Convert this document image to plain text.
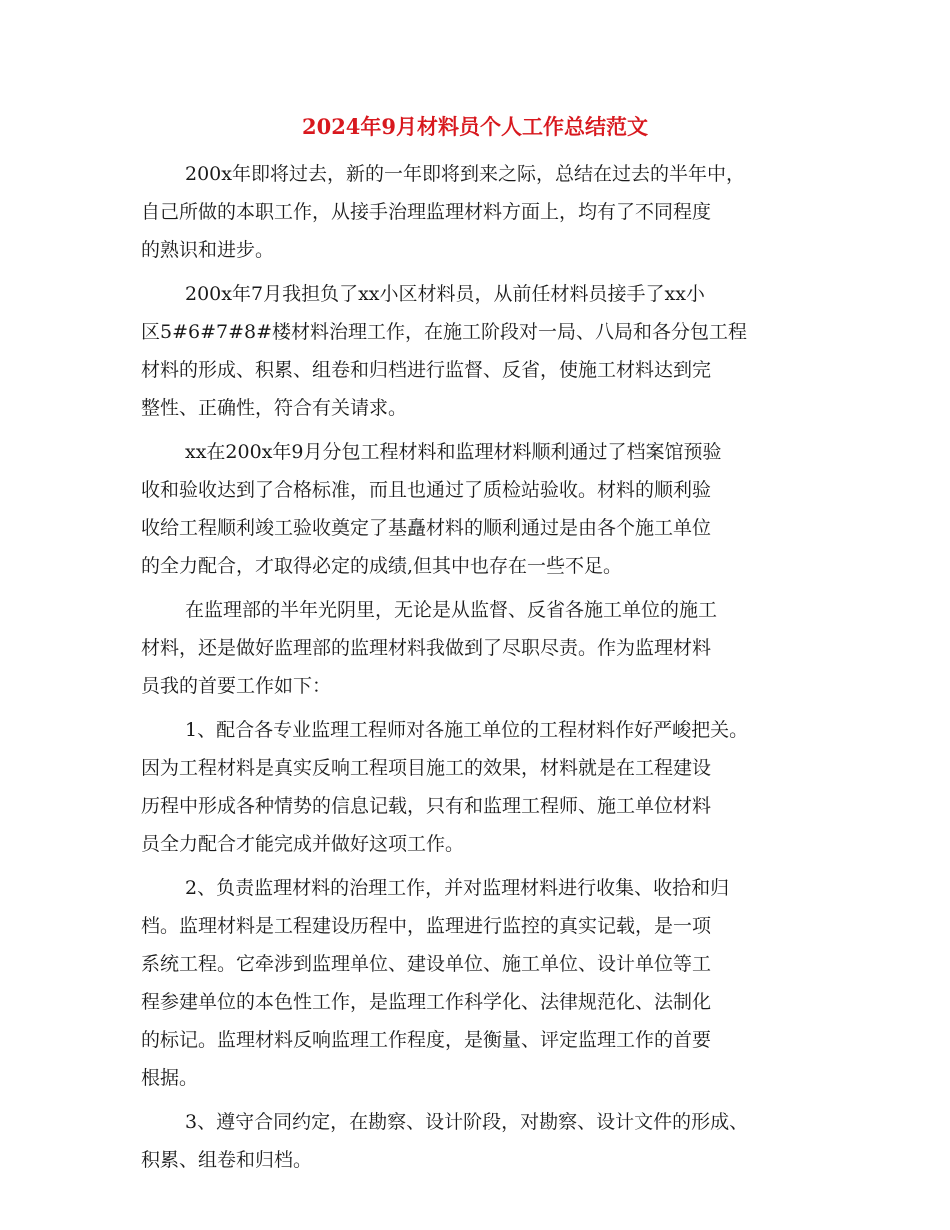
2024年9月材料员个人工作总结范文
200x年即将过去，新的一年即将到来之际，总结在过去的半年中，
自己所做的本职工作，从接手治理监理材料方面上，均有了不同程度
的熟识和进步。
200x年7月我担负了xx小区材料员，从前任材料员接手了xx小
区5#6#7#8#楼材料治理工作，在施工阶段对一局、八局和各分包工程
材料的形成、积累、组卷和归档进行监督、反省，使施工材料达到完
整性、正确性，符合有关请求。
xx在200x年9月分包工程材料和监理材料顺利通过了档案馆预验
收和验收达到了合格标准，而且也通过了质检站验收。材料的顺利验
收给工程顺利竣工验收奠定了基矗材料的顺利通过是由各个施工单位
的全力配合，才取得必定的成绩,但其中也存在一些不足。
在监理部的半年光阴里，无论是从监督、反省各施工单位的施工
材料，还是做好监理部的监理材料我做到了尽职尽责。作为监理材料
员我的首要工作如下：
1、配合各专业监理工程师对各施工单位的工程材料作好严峻把关。
因为工程材料是真实反响工程项目施工的效果，材料就是在工程建设
历程中形成各种情势的信息记载，只有和监理工程师、施工单位材料
员全力配合才能完成并做好这项工作。
2、负责监理材料的治理工作，并对监理材料进行收集、收拾和归
档。监理材料是工程建设历程中，监理进行监控的真实记载，是一项
系统工程。它牵涉到监理单位、建设单位、施工单位、设计单位等工
程参建单位的本色性工作，是监理工作科学化、法律规范化、法制化
的标记。监理材料反响监理工作程度，是衡量、评定监理工作的首要
根据。
3、遵守合同约定，在勘察、设计阶段，对勘察、设计文件的形成、
积累、组卷和归档。
